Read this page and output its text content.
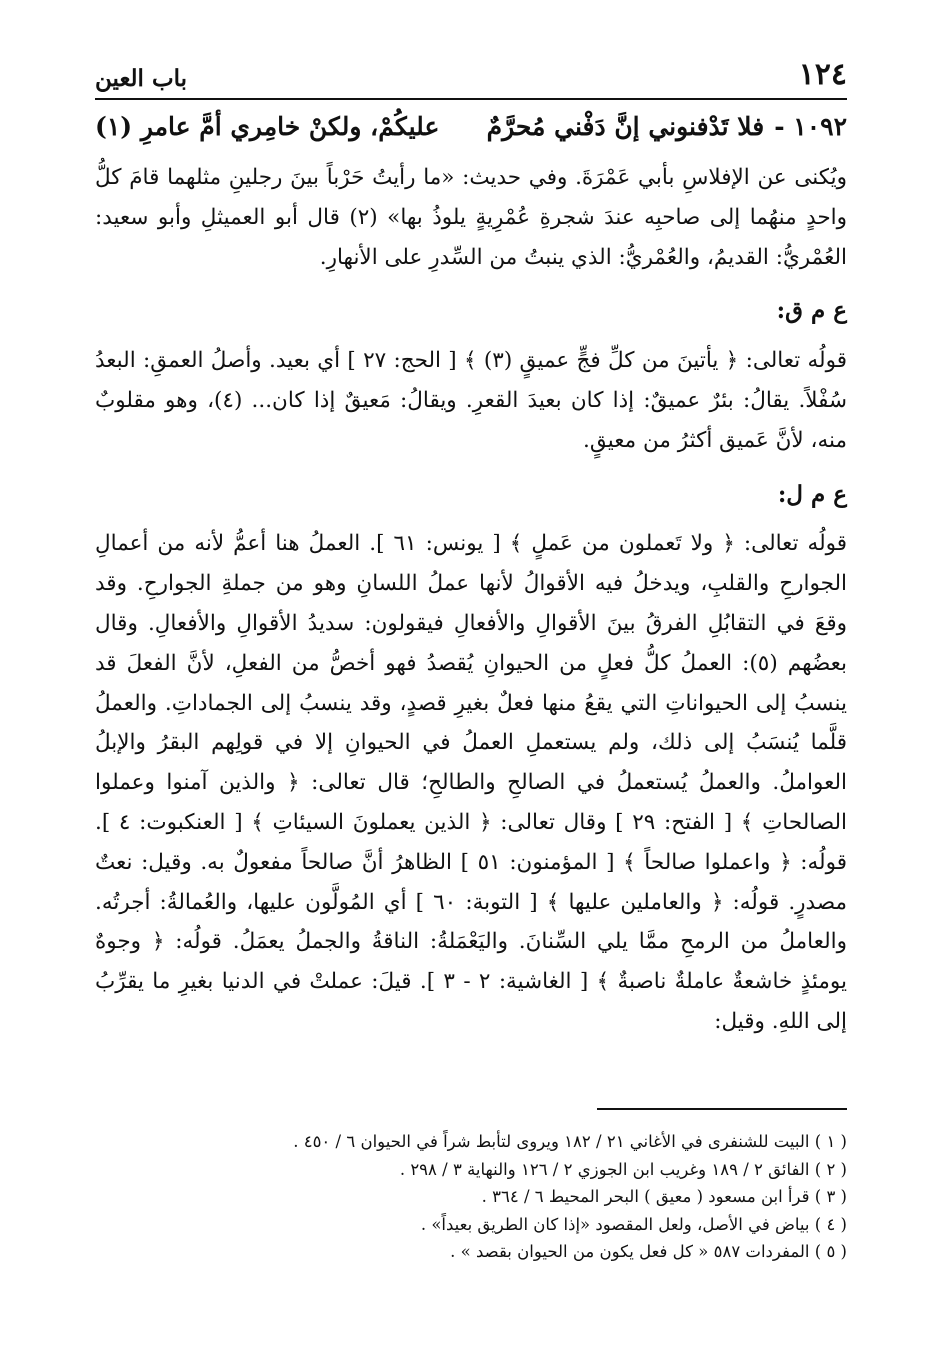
١٢٤
باب العين
١٠٩٢ -
فلا تَدْفنوني إنَّ دَفْني مُحرَّمٌ
عليكُمْ، ولكنْ خامِري أمَّ عامرِ (١)

ويُكنى عن الإفلاسِ بأبي عَمْرَةَ. وفي حديث: «ما رأيتُ حَرْباً بينَ رجلينِ مثلهما قامَ كلُّ واحدٍ منهُما إلى صاحبِه عندَ شجرةِ عُمْرِيةٍ يلوذُ بها» (٢) قال أبو العميثلِ وأبو سعيد: العُمْريُّ: القديمُ، والعُمْريُّ: الذي ينبتُ من السِّدرِ على الأنهارِ.

ع م ق:

قولُه تعالى: ﴿ يأتينَ من كلِّ فجٍّ عميقٍ (٣) ﴾ [ الحج: ٢٧ ] أي بعيد. وأصلُ العمقِ: البعدُ سُفْلاً. يقالُ: بئرٌ عميقٌ: إذا كان بعيدَ القعرِ. ويقالُ: مَعيقٌ إذا كان... (٤)، وهو مقلوبٌ منه، لأنَّ عَميق أكثرُ من معيقٍ.

ع م ل:

قولُه تعالى: ﴿ ولا تَعملون من عَملٍ ﴾ [ يونس: ٦١ ]. العملُ هنا أعمُّ لأنه من أعمالِ الجوارحِ والقلبِ، ويدخلُ فيه الأقوالُ لأنها عملُ اللسانِ وهو من جملةِ الجوارحِ. وقد وقعَ في التقابُلِ الفرقُ بينَ الأقوالِ والأفعالِ فيقولون: سديدُ الأقوالِ والأفعالِ. وقال بعضُهم (٥): العملُ كلُّ فعلٍ من الحيوانِ يُقصدُ فهو أخصُّ من الفعلِ، لأنَّ الفعلَ قد ينسبُ إلى الحيواناتِ التي يقعُ منها فعلٌ بغيرِ قصدٍ، وقد ينسبُ إلى الجماداتِ. والعملُ قلَّما يُنسَبُ إلى ذلك، ولم يستعملِ العملُ في الحيوانِ إلا في قولِهم البقرُ والإبلُ العواملُ. والعملُ يُستعملُ في الصالحِ والطالحِ؛ قال تعالى: ﴿ والذين آمنوا وعملوا الصالحاتِ ﴾ [ الفتح: ٢٩ ] وقال تعالى: ﴿ الذين يعملونَ السيئاتِ ﴾ [ العنكبوت: ٤ ]. قولُه: ﴿ واعملوا صالحاً ﴾ [ المؤمنون: ٥١ ] الظاهرُ أنَّ صالحاً مفعولٌ به. وقيل: نعتٌ مصدرٍ. قولُه: ﴿ والعاملين عليها ﴾ [ التوبة: ٦٠ ] أي المُولَّون عليها، والعُمالةُ: أجرتُه. والعاملُ من الرمحِ ممَّا يلي السِّنانَ. واليَعْمَلةُ: الناقةُ والجملُ يعمَلُ. قولُه: ﴿ وجوهٌ يومئذٍ خاشعةٌ عاملةٌ ناصبةٌ ﴾ [ الغاشية: ٢ - ٣ ]. قيلَ: عملتْ في الدنيا بغيرِ ما يقرِّبُ إلى اللهِ. وقيل:

( ١ ) البيت للشنفرى في الأغاني ٢١ / ١٨٢ ويروى لتأبط شراً في الحيوان ٦ / ٤٥٠ .
( ٢ ) الفائق ٢ / ١٨٩ وغريب ابن الجوزي ٢ / ١٢٦ والنهاية ٣ / ٢٩٨ .
( ٣ ) قرأ ابن مسعود ( معيق ) البحر المحيط ٦ / ٣٦٤ .
( ٤ ) بياض في الأصل، ولعل المقصود «إذا كان الطريق بعيداً» .
( ٥ ) المفردات ٥٨٧ « كل فعل يكون من الحيوان بقصد » .
